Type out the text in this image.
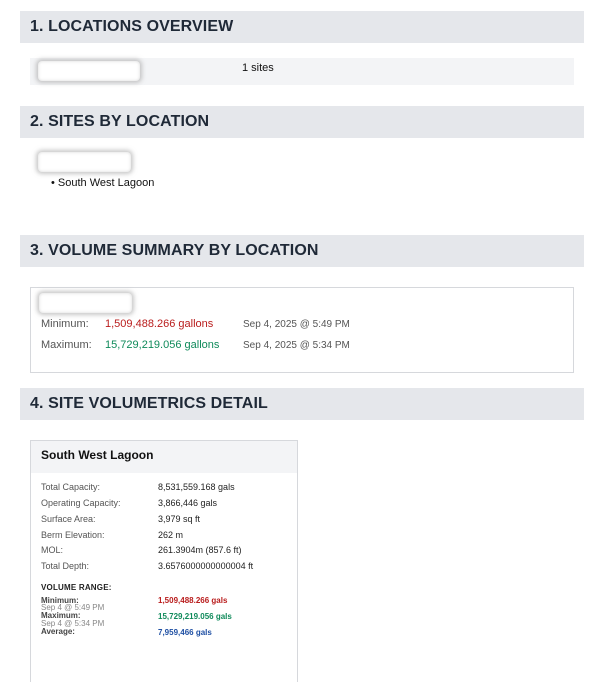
1. LOCATIONS OVERVIEW
1 sites
2. SITES BY LOCATION
• South West Lagoon
3. VOLUME SUMMARY BY LOCATION
Minimum: 1,509,488.266 gallons	Sep 4, 2025 @ 5:49 PM
Maximum: 15,729,219.056 gallons Sep 4, 2025 @ 5:34 PM
4. SITE VOLUMETRICS DETAIL
South West Lagoon
Total Capacity:	8,531,559.168 gals
Operating Capacity:	3,866,446 gals
Surface Area:	3,979 sq ft
Berm Elevation:	262 m
MOL:	261.3904m (857.6 ft)
Total Depth:	3.6576000000000004 ft
VOLUME RANGE:
Minimum:	1,509,488.266 gals
Sep 4 @ 5:49 PM
Maximum:	15,729,219.056 gals
Sep 4 @ 5:34 PM
Average:	7,959,466 gals
